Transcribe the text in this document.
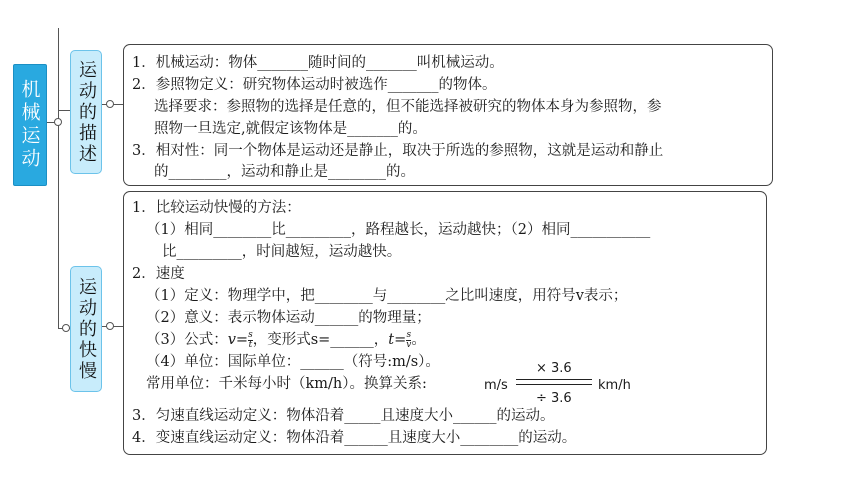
机械运动	运动的描述
运动的快慢
1．机械运动：物体_______随时间的_______叫机械运动。
2．参照物定义：研究物体运动时被选作_______的物体。
选择要求：参照物的选择是任意的，但不能选择被研究的物体本身为参照物，参
照物一旦选定,就假定该物体是_______的。
3．相对性：同一个物体是运动还是静止，取决于所选的参照物，这就是运动和静止
的________，运动和静止是________的。
1．比较运动快慢的方法：
（1）相同________比_________，路程越长，运动越快；（2）相同___________
比_________，时间越短，运动越快。
2．速度
（1）定义：物理学中，把________与________之比叫速度，用符号v表示；
（2）意义：表示物体运动______的物理量；
（3）公式：$v= \frac{s}{t}$ ，变形式s=______，$t= \frac{s}{v}$ 。
（4）单位：国际单位：______（符号:m/s）。
常用单位：千米每小时（km/h）。换算关系:	m/s
× 3.6
÷ 3.6
km/h
3．匀速直线运动定义：物体沿着_____且速度大小______的运动。
4．变速直线运动定义：物体沿着______且速度大小________的运动。
